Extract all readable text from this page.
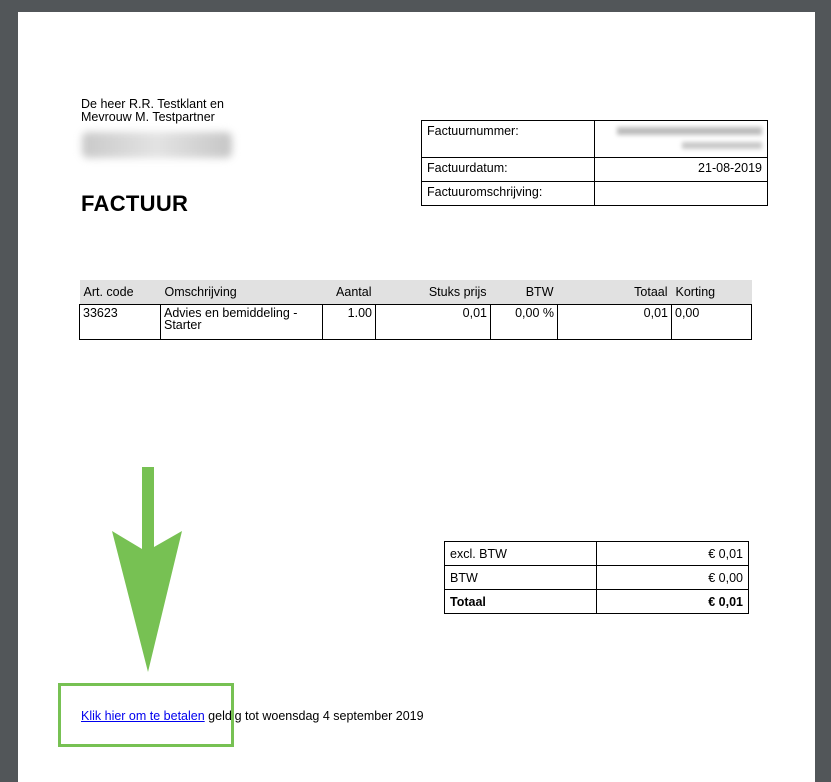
De heer R.R. Testklant en
Mevrouw M. Testpartner
FACTUUR
Factuurnummer:	

Factuurdatum:	21-08-2019
Factuuromschrijving:	
Art. code	Omschrijving	Aantal	Stuks prijs	BTW	Totaal	Korting
33623	Advies en bemiddeling - Starter	1.00	0,01	0,00 %	0,01	0,00
excl. BTW	€ 0,01
BTW	€ 0,00
Totaal	€ 0,01
Klik hier om te betalen geldig tot woensdag 4 september 2019
